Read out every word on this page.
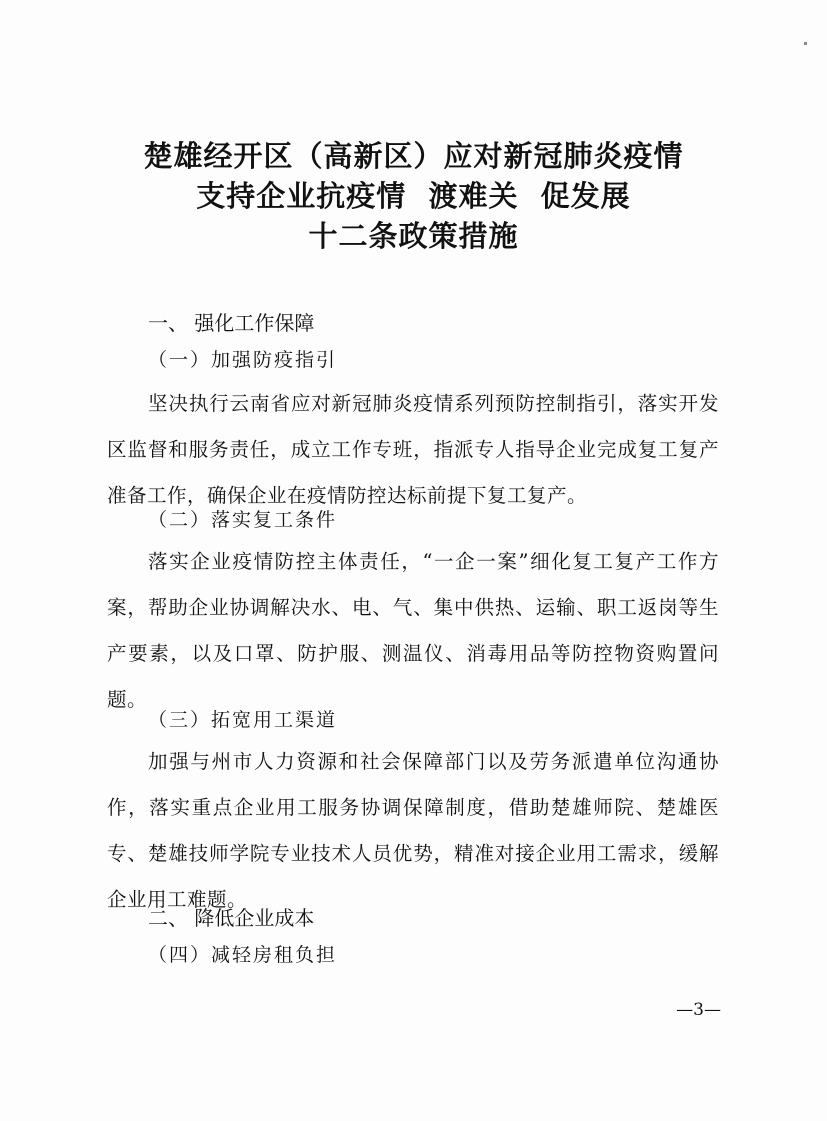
楚雄经开区（高新区）应对新冠肺炎疫情
支持企业抗疫情  渡难关  促发展
十二条政策措施
一、 强化工作保障
（一）加强防疫指引
坚决执行云南省应对新冠肺炎疫情系列预防控制指引，落实开发区监督和服务责任，成立工作专班，指派专人指导企业完成复工复产准备工作，确保企业在疫情防控达标前提下复工复产。
（二）落实复工条件
落实企业疫情防控主体责任，“一企一案”细化复工复产工作方案，帮助企业协调解决水、电、气、集中供热、运输、职工返岗等生产要素，以及口罩、防护服、测温仪、消毒用品等防控物资购置问题。
（三）拓宽用工渠道
加强与州市人力资源和社会保障部门以及劳务派遣单位沟通协作，落实重点企业用工服务协调保障制度，借助楚雄师院、楚雄医专、楚雄技师学院专业技术人员优势，精准对接企业用工需求，缓解企业用工难题。
二、 降低企业成本
（四）减轻房租负担
—3—
